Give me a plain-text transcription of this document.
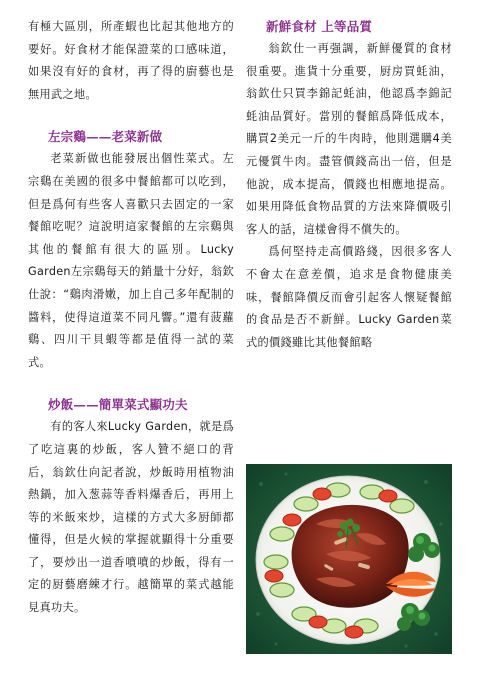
有極大區別，所產蝦也比起其他地方的要好。好食材才能保證菜的口感味道，如果沒有好的食材，再了得的廚藝也是無用武之地。

左宗鷄——老菜新做

老菜新做也能發展出個性菜式。左宗鷄在美國的很多中餐館都可以吃到，但是爲何有些客人喜歡只去固定的一家餐館吃呢？這說明這家餐館的左宗鷄與其他的餐館有很大的區別。Lucky Garden左宗鷄每天的銷量十分好，翁欽仕說：“鷄肉滑嫩，加上自己多年配制的醬料，使得這道菜不同凡響。”還有菠蘿鷄、四川干貝蝦等都是值得一試的菜式。

炒飯——簡單菜式顯功夫

有的客人來Lucky Garden，就是爲了吃這裏的炒飯，客人贊不絕口的背后，翁欽仕向記者說，炒飯時用植物油熱鍋，加入葱蒜等香料爆香后，再用上等的米飯來炒，這樣的方式大多厨師都懂得，但是火候的掌握就顯得十分重要了，要炒出一道香噴噴的炒飯，得有一定的厨藝磨練才行。越簡單的菜式越能見真功夫。

新鮮食材 上等品質

翁欽仕一再强調，新鮮優質的食材很重要。進貨十分重要，厨房買蚝油，翁欽仕只買李錦記蚝油，他認爲李錦記蚝油品質好。當別的餐館爲降低成本，購買2美元一斤的牛肉時，他則選購4美元優質牛肉。盡管價錢高出一倍，但是他說，成本提高，價錢也相應地提高。如果用降低食物品質的方法來降價吸引客人的話，這樣會得不償失的。

爲何堅持走高價路綫，因很多客人不會太在意差價，追求是食物健康美味，餐館降價反而會引起客人懷疑餐館的食品是否不新鮮。Lucky Garden菜式的價錢雖比其他餐館略
